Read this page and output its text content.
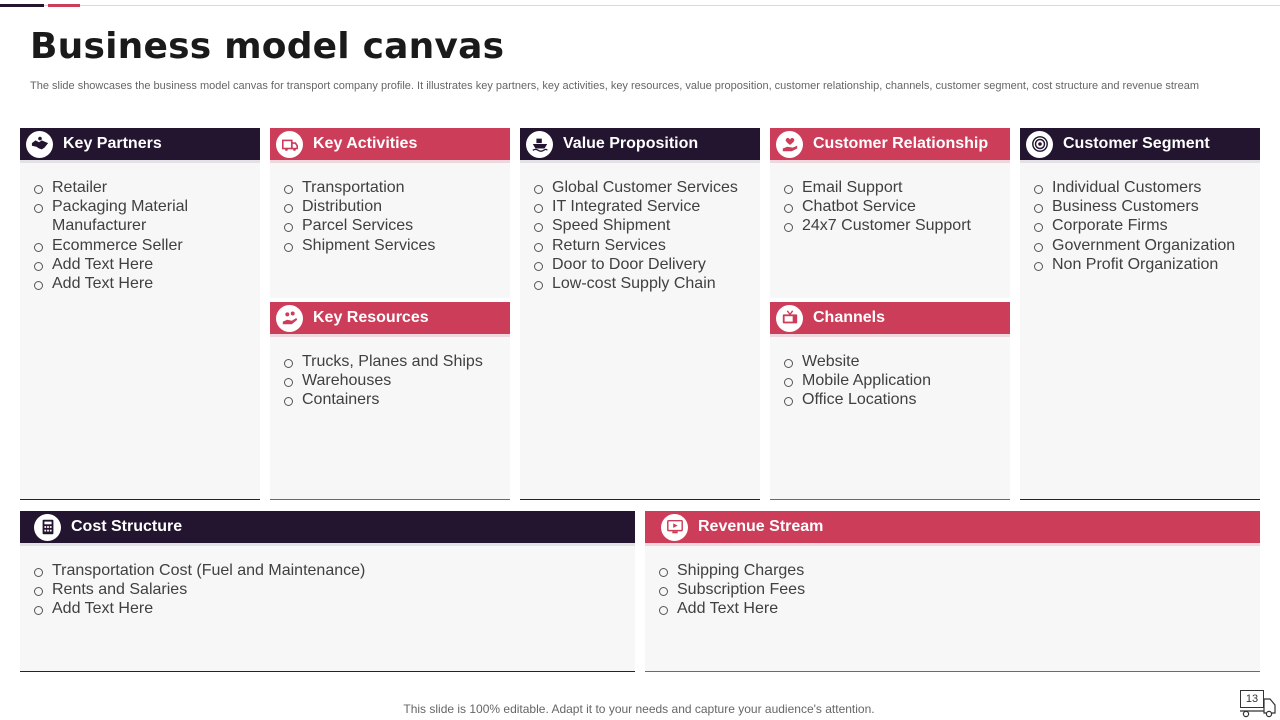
Business model canvas

The slide showcases the business model canvas for transport company profile. It illustrates key partners, key activities, key resources, value proposition, customer relationship, channels, customer segment, cost structure and revenue stream

Key Partners
Retailer
Packaging Material Manufacturer
Ecommerce Seller
Add Text Here
Add Text Here
Key Activities
Transportation
Distribution
Parcel Services
Shipment Services
Key Resources
Trucks, Planes and Ships
Warehouses
Containers
Value Proposition
Global Customer Services
IT Integrated Service
Speed Shipment
Return Services
Door to Door Delivery
Low-cost Supply Chain
Customer Relationship
Email Support
Chatbot Service
24x7 Customer Support
Channels
Website
Mobile Application
Office Locations
Customer Segment
Individual Customers
Business Customers
Corporate Firms
Government Organization
Non Profit Organization
Cost Structure
Transportation Cost (Fuel and Maintenance)
Rents and Salaries
Add Text Here
Revenue Stream
Shipping Charges
Subscription Fees
Add Text Here

This slide is 100% editable. Adapt it to your needs and capture your audience's attention.

13
